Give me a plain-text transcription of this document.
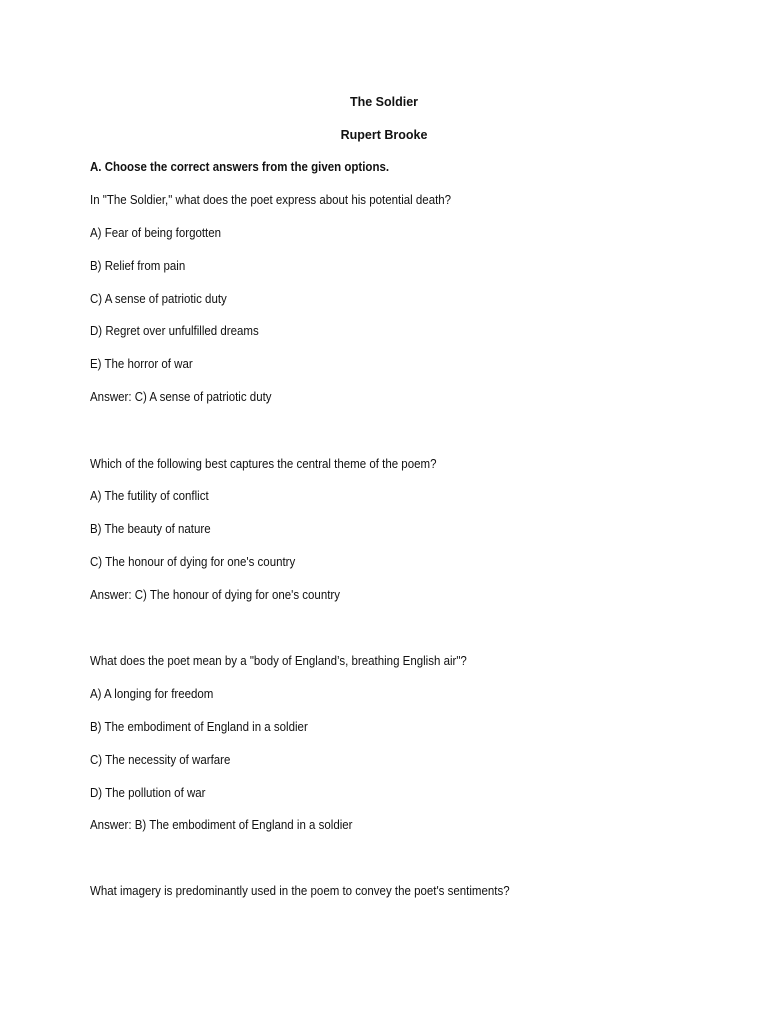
The Soldier
Rupert Brooke
A. Choose the correct answers from the given options.
In "The Soldier," what does the poet express about his potential death?
A) Fear of being forgotten
B) Relief from pain
C) A sense of patriotic duty
D) Regret over unfulfilled dreams
E) The horror of war
Answer: C) A sense of patriotic duty
Which of the following best captures the central theme of the poem?
A) The futility of conflict
B) The beauty of nature
C) The honour of dying for one's country
Answer: C) The honour of dying for one's country
What does the poet mean by a "body of England’s, breathing English air"?
A) A longing for freedom
B) The embodiment of England in a soldier
C) The necessity of warfare
D) The pollution of war
Answer: B) The embodiment of England in a soldier
What imagery is predominantly used in the poem to convey the poet's sentiments?
